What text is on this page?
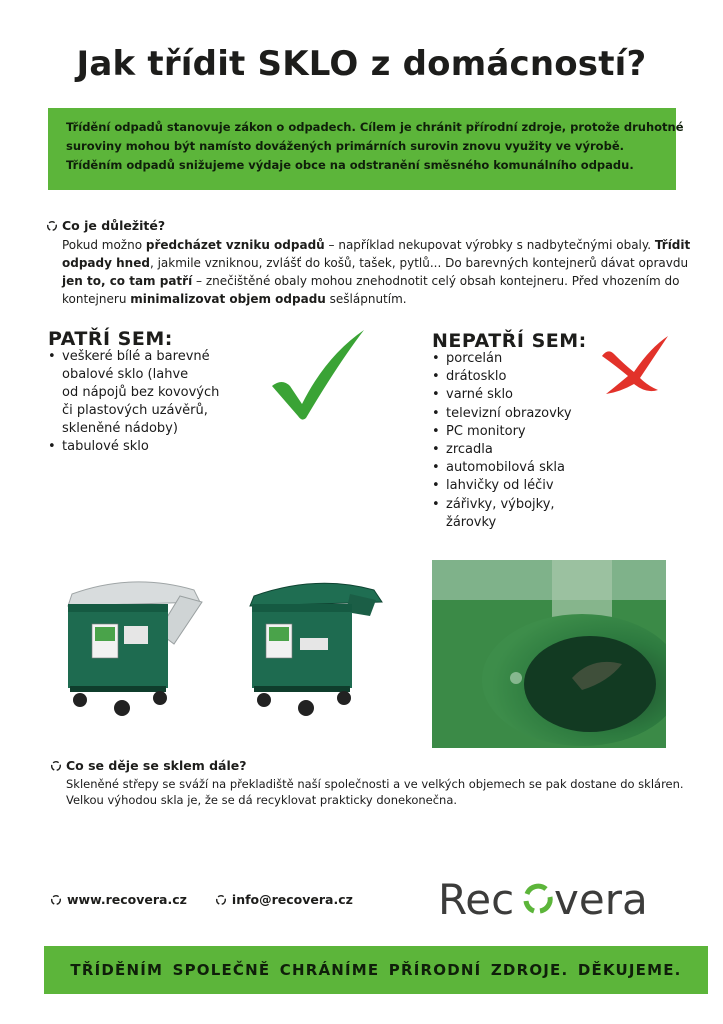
Jak třídit SKLO z domácností?

Třídění odpadů stanovuje zákon o odpadech. Cílem je chránit přírodní zdroje, protože druhotné

suroviny mohou být namísto dovážených primárních surovin znovu využity ve výrobě.

Tříděním odpadů snižujeme výdaje obce na odstranění směsného komunálního odpadu.

Co je důležité?

Pokud možno předcházet vzniku odpadů – například nekupovat výrobky s nadbytečnými obaly. Třídit

odpady hned, jakmile vzniknou, zvlášť do košů, tašek, pytlů... Do barevných kontejnerů dávat opravdu

jen to, co tam patří – znečištěné obaly mohou znehodnotit celý obsah kontejneru. Před vhozením do

kontejneru minimalizovat objem odpadu sešlápnutím.

PATŘÍ SEM:
• veškeré bílé a barevné
obalové sklo (lahve
od nápojů bez kovových
či plastových uzávěrů,
skleněné nádoby)
• tabulové sklo
NEPATŘÍ SEM:
• porcelán
• drátosklo
• varné sklo
• televizní obrazovky
• PC monitory
• zrcadla
• automobilová skla
• lahvičky od léčiv
• zářivky, výbojky,
žárovky
Co se děje se sklem dále?

Skleněné střepy se sváží na překladiště naší společnosti a ve velkých objemech se pak dostane do skláren.

Velkou výhodou skla je, že se dá recyklovat prakticky donekonečna.

www.recovera.cz	info@recovera.cz Rec vera
TŘÍDĚNÍM SPOLEČNĚ CHRÁNÍME PŘÍRODNÍ ZDROJE. DĚKUJEME.
